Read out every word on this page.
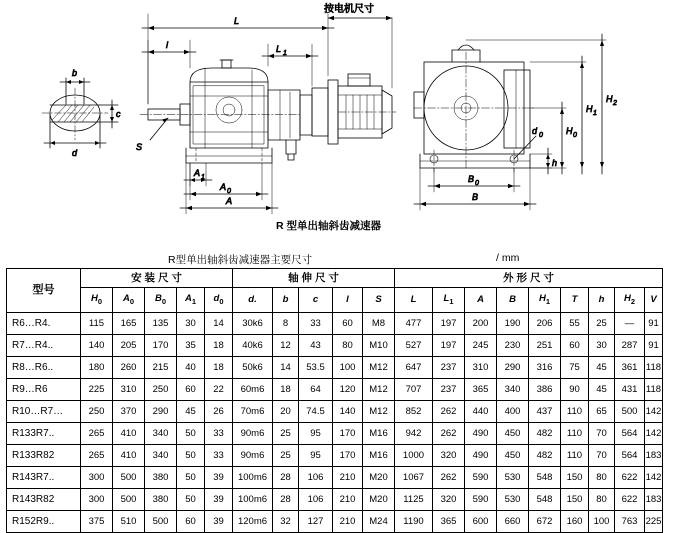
b
c
d
S
L
l	L 1
按电机尺寸
A 1
A 0
A
d 0
B 0
B
h
H 0
H 1
H 2
R 型单出轴斜齿减速器
R型单出轴斜齿减速器主要尺寸	/ mm
型号	安 装 尺 寸					轴 伸 尺 寸					外 形 尺 寸								
	$H_0$	$A_0$	$B_0$	$A_1$	$d_0$	d.	b	c	l	S	L	$L_1$	A	B	$H_1$	T	h	$H_2$	V
R6…R4.	115	165	135	30	14	30k6	8	33	60	M8	477	197	200	190	206	55	25	—	91
R7…R4..	140	205	170	35	18	40k6	12	43	80	M10	527	197	245	230	251	60	30	287	91
R8…R6..	180	260	215	40	18	50k6	14	53.5	100	M12	647	237	310	290	316	75	45	361	118
R9…R6	225	310	250	60	22	60m6	18	64	120	M12	707	237	365	340	386	90	45	431	118
R10…R7…	250	370	290	45	26	70m6	20	74.5	140	M12	852	262	440	400	437	110	65	500	142
R133R7..	265	410	340	50	33	90m6	25	95	170	M16	942	262	490	450	482	110	70	564	142
R133R82	265	410	340	50	33	90m6	25	95	170	M16	1000	320	490	450	482	110	70	564	183
R143R7..	300	500	380	50	39	100m6	28	106	210	M20	1067	262	590	530	548	150	80	622	142
R143R82	300	500	380	50	39	100m6	28	106	210	M20	1125	320	590	530	548	150	80	622	183
R152R9..	375	510	500	60	39	120m6	32	127	210	M24	1190	365	600	660	672	160	100	763	225
